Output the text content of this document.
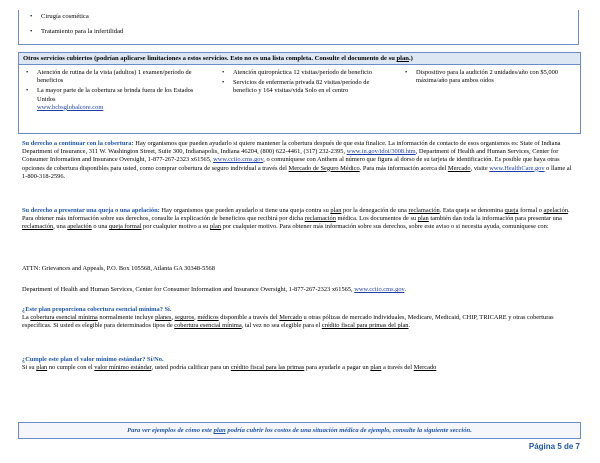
• Cirugía cosmética
• Tratamiento para la infertilidad
Otros servicios cubiertos (podrían aplicarse limitaciones a estos servicios. Esto no es una lista completa. Consulte el documento de su plan.)
• Atención de rutina de la vista (adultos) 1 examen/período de beneficios
• La mayor parte de la cobertura se brinda fuera de los Estados Unidos
www.bcbsglobalcore.com
• Atención quiropráctica 12 visitas/período de beneficio
• Servicios de enfermería privada 82 visitas/período de beneficio y 164 visitas/vida Solo en el centro
• Dispositivo para la audición 2 unidades/año con $5,000 máxima/año para ambos oídos
Su derecho a continuar con la cobertura: Hay organismos que pueden ayudarlo si quiere mantener la cobertura después de que esta finalice. La información de contacto de esos organismos es: State of Indiana Department of Insurance, 311 W. Washington Street, Suite 300, Indianapolis, Indiana 46204, (800) 622-4461, (317) 232-2395, www.in.gov/idoi/3008.htm, Department of Health and Human Services, Center for Consumer Information and Insurance Oversight, 1-877-267-2323 x61565, www.cciio.cms.gov, o comuníquese con Anthem al número que figura al dorso de su tarjeta de identificación. Es posible que haya otras opciones de cobertura disponibles para usted, como comprar cobertura de seguro individual a través del Mercado de Seguro Médico. Para más información acerca del Mercado, visite www.HealthCare.gov o llame al 1-800-318-2596.
Su derecho a presentar una queja o una apelación: Hay organismos que pueden ayudarlo si tiene una queja contra su plan por la denegación de una reclamación. Esta queja se denomina queja formal o apelación. Para obtener más información sobre sus derechos, consulte la explicación de beneficios que recibirá por dicha reclamación médica. Los documentos de su plan también dan toda la información para presentar una reclamación, una apelación o una queja formal por cualquier motivo a su plan por cualquier motivo. Para obtener más información sobre sus derechos, sobre este aviso o si necesita ayuda, comuníquese con:
ATTN: Grievances and Appeals, P.O. Box 105568, Atlanta GA 30348-5568
Department of Health and Human Services, Center for Consumer Information and Insurance Oversight, 1-877-267-2323 x61565, www.cciio.cms.gov.
¿Este plan proporciona cobertura esencial mínima? Sí.
La cobertura esencial mínima normalmente incluye planes, seguros, médicos disponible a través del Mercado u otras pólizas de mercado individuales, Medicare, Medicaid, CHIP, TRICARE y otras coberturas específicas. Si usted es elegible para determinados tipos de cobertura esencial mínima, tal vez no sea elegible para el crédito fiscal para primas del plan.
¿Cumple este plan el valor mínimo estándar? Sí/No.
Si su plan no cumple con el valor mínimo estándar, usted podría calificar para un crédito fiscal para las primas para ayudarle a pagar un plan a través del Mercado
Para ver ejemplos de cómo este plan podría cubrir los costos de una situación médica de ejemplo, consulte la siguiente sección.
Página 5 de 7
